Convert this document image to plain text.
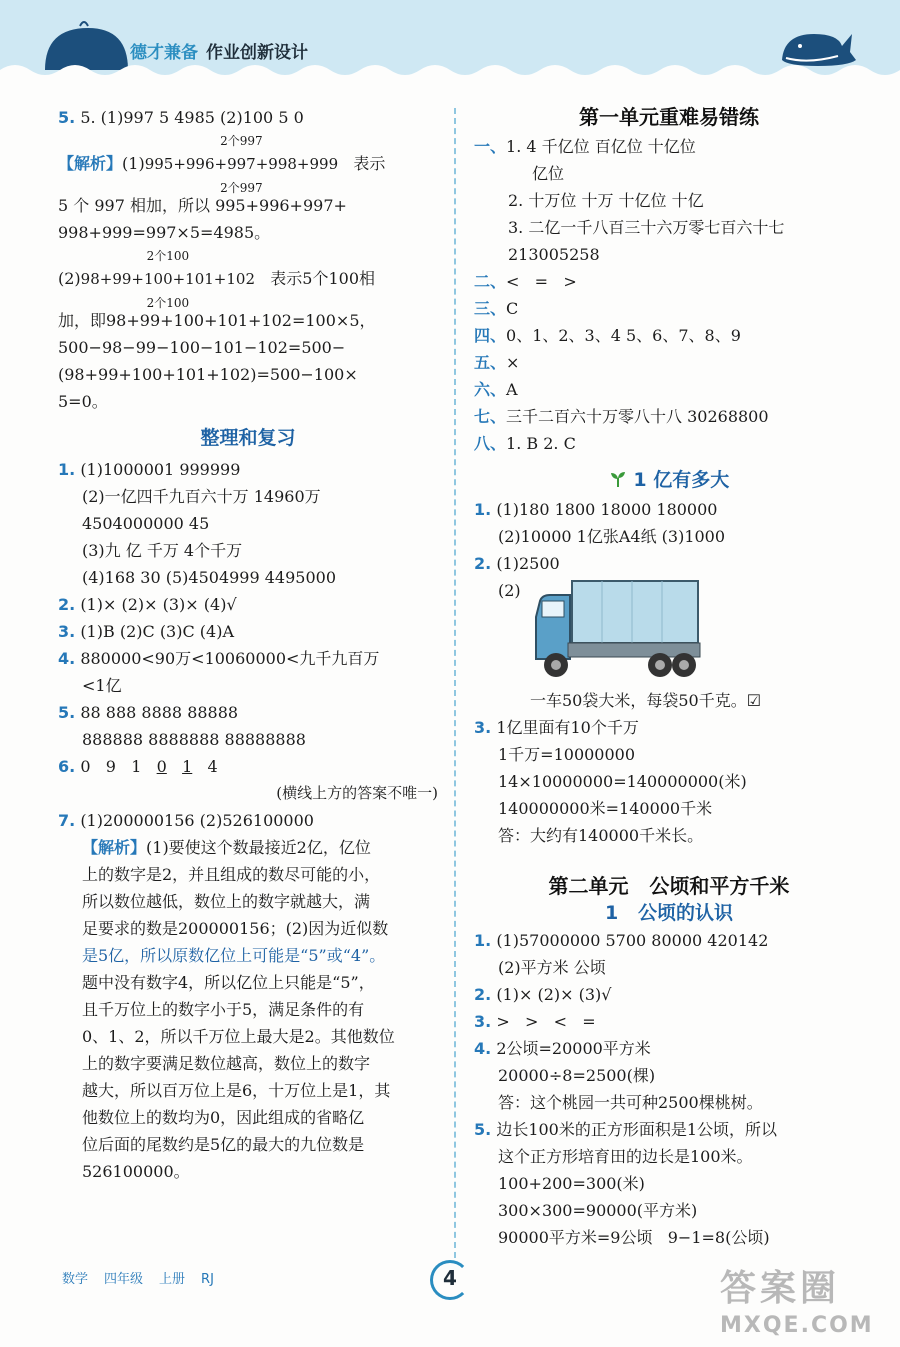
德才兼备 作业创新设计
5. 5. (1)997 5 4985 (2)100 5 0
【解析】(1)
2个997
995+996+997+998+999
2个997
表示
5 个 997 相加，所以 995+996+997+
998+999=997×5=4985。
(2)
2个100
98+99+100+101+102
2个100
表示5个100相
加，即98+99+100+101+102=100×5，
500−98−99−100−101−102=500−
(98+99+100+101+102)=500−100×
5=0。
整理和复习
1. (1)1000001 999999
(2)一亿四千九百六十万 14960万
4504000000 45
(3)九 亿 千万 4个千万
(4)168 30 (5)4504999 4495000
2. (1)× (2)× (3)× (4)√
3. (1)B (2)C (3)C (4)A
4. 880000<90万<10060000<九千九百万
<1亿
5. 88 888 8888 88888
888888 8888888 88888888
6. 0   9   1   0 1   4
(横线上方的答案不唯一)
7. (1)200000156 (2)526100000
【解析】(1)要使这个数最接近2亿，亿位
上的数字是2，并且组成的数尽可能的小，
所以数位越低，数位上的数字就越大，满
足要求的数是200000156；(2)因为近似数
是5亿，所以原数亿位上可能是“5”或“4”。
题中没有数字4，所以亿位上只能是“5”，
且千万位上的数字小于5，满足条件的有
0、1、2，所以千万位上最大是2。其他数位
上的数字要满足数位越高，数位上的数字
越大，所以百万位上是6，十万位上是1，其
他数位上的数均为0，因此组成的省略亿
位后面的尾数约是5亿的最大的九位数是
526100000。
第一单元重难易错练
一、1. 4 千亿位 百亿位 十亿位
亿位
2. 十万位 十万 十亿位 十亿
3. 二亿一千八百三十六万零七百六十七
213005258
二、<   =   >
三、C
四、0、1、2、3、4 5、6、7、8、9
五、×
六、A
七、三千二百六十万零八十八 30268800
八、1. B 2. C
1 亿有多大
1. (1)180 1800 18000 180000
(2)10000 1亿张A4纸 (3)1000
2. (1)2500
(2)
一车50袋大米，每袋50千克。☑
3. 1亿里面有10个千万
1千万=10000000
14×10000000=140000000(米)
140000000米=140000千米
答：大约有140000千米长。
第二单元   公顷和平方千米
1   公顷的认识
1. (1)57000000 5700 80000 420142
(2)平方米 公顷
2. (1)× (2)× (3)√
3. >   >   <   =
4. 2公顷=20000平方米
20000÷8=2500(棵)
答：这个桃园一共可种2500棵桃树。
5. 边长100米的正方形面积是1公顷，所以
这个正方形培育田的边长是100米。
100+200=300(米)
300×300=90000(平方米)
90000平方米=9公顷   9−1=8(公顷)
数学 四年级 上册 RJ	4	答案圈
MXQE.COM
